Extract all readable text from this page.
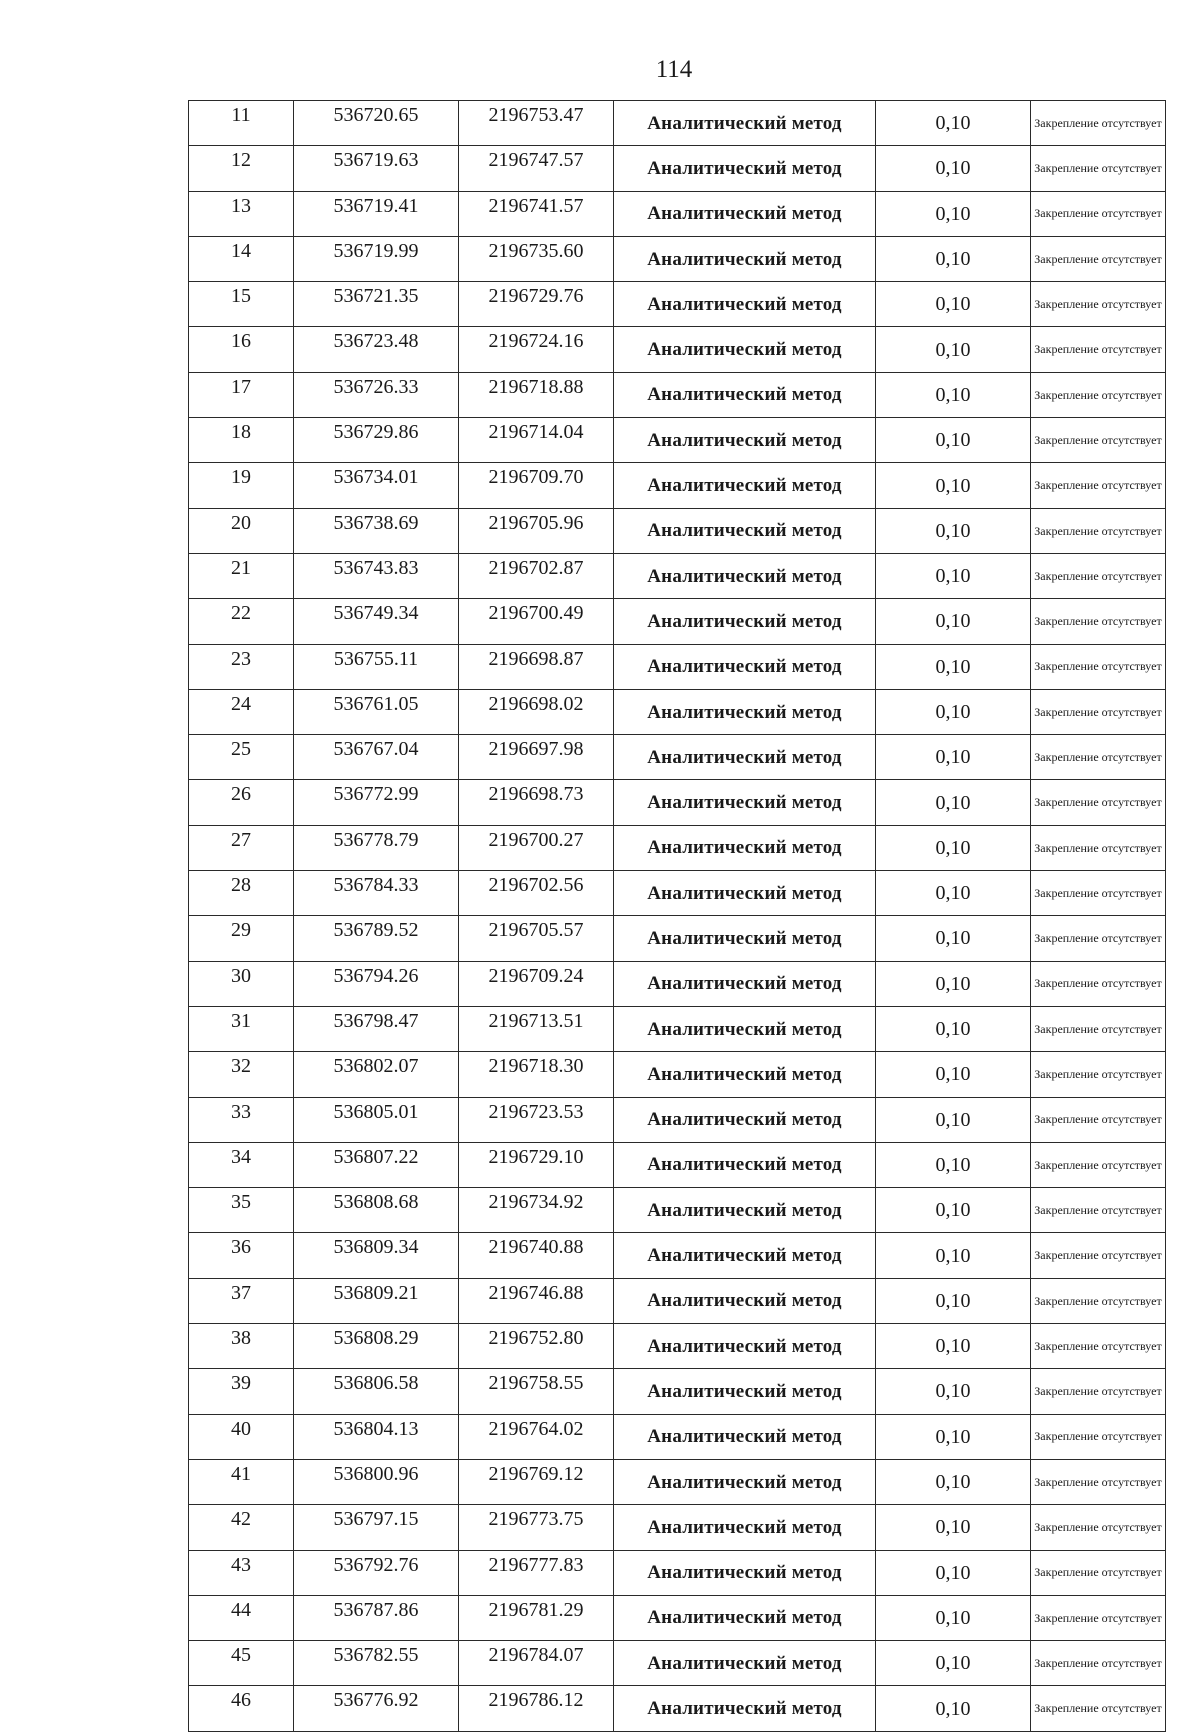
114
11	536720.65	2196753.47	Аналитический метод	0,10	Закрепление отсутствует
12	536719.63	2196747.57	Аналитический метод	0,10	Закрепление отсутствует
13	536719.41	2196741.57	Аналитический метод	0,10	Закрепление отсутствует
14	536719.99	2196735.60	Аналитический метод	0,10	Закрепление отсутствует
15	536721.35	2196729.76	Аналитический метод	0,10	Закрепление отсутствует
16	536723.48	2196724.16	Аналитический метод	0,10	Закрепление отсутствует
17	536726.33	2196718.88	Аналитический метод	0,10	Закрепление отсутствует
18	536729.86	2196714.04	Аналитический метод	0,10	Закрепление отсутствует
19	536734.01	2196709.70	Аналитический метод	0,10	Закрепление отсутствует
20	536738.69	2196705.96	Аналитический метод	0,10	Закрепление отсутствует
21	536743.83	2196702.87	Аналитический метод	0,10	Закрепление отсутствует
22	536749.34	2196700.49	Аналитический метод	0,10	Закрепление отсутствует
23	536755.11	2196698.87	Аналитический метод	0,10	Закрепление отсутствует
24	536761.05	2196698.02	Аналитический метод	0,10	Закрепление отсутствует
25	536767.04	2196697.98	Аналитический метод	0,10	Закрепление отсутствует
26	536772.99	2196698.73	Аналитический метод	0,10	Закрепление отсутствует
27	536778.79	2196700.27	Аналитический метод	0,10	Закрепление отсутствует
28	536784.33	2196702.56	Аналитический метод	0,10	Закрепление отсутствует
29	536789.52	2196705.57	Аналитический метод	0,10	Закрепление отсутствует
30	536794.26	2196709.24	Аналитический метод	0,10	Закрепление отсутствует
31	536798.47	2196713.51	Аналитический метод	0,10	Закрепление отсутствует
32	536802.07	2196718.30	Аналитический метод	0,10	Закрепление отсутствует
33	536805.01	2196723.53	Аналитический метод	0,10	Закрепление отсутствует
34	536807.22	2196729.10	Аналитический метод	0,10	Закрепление отсутствует
35	536808.68	2196734.92	Аналитический метод	0,10	Закрепление отсутствует
36	536809.34	2196740.88	Аналитический метод	0,10	Закрепление отсутствует
37	536809.21	2196746.88	Аналитический метод	0,10	Закрепление отсутствует
38	536808.29	2196752.80	Аналитический метод	0,10	Закрепление отсутствует
39	536806.58	2196758.55	Аналитический метод	0,10	Закрепление отсутствует
40	536804.13	2196764.02	Аналитический метод	0,10	Закрепление отсутствует
41	536800.96	2196769.12	Аналитический метод	0,10	Закрепление отсутствует
42	536797.15	2196773.75	Аналитический метод	0,10	Закрепление отсутствует
43	536792.76	2196777.83	Аналитический метод	0,10	Закрепление отсутствует
44	536787.86	2196781.29	Аналитический метод	0,10	Закрепление отсутствует
45	536782.55	2196784.07	Аналитический метод	0,10	Закрепление отсутствует
46	536776.92	2196786.12	Аналитический метод	0,10	Закрепление отсутствует
